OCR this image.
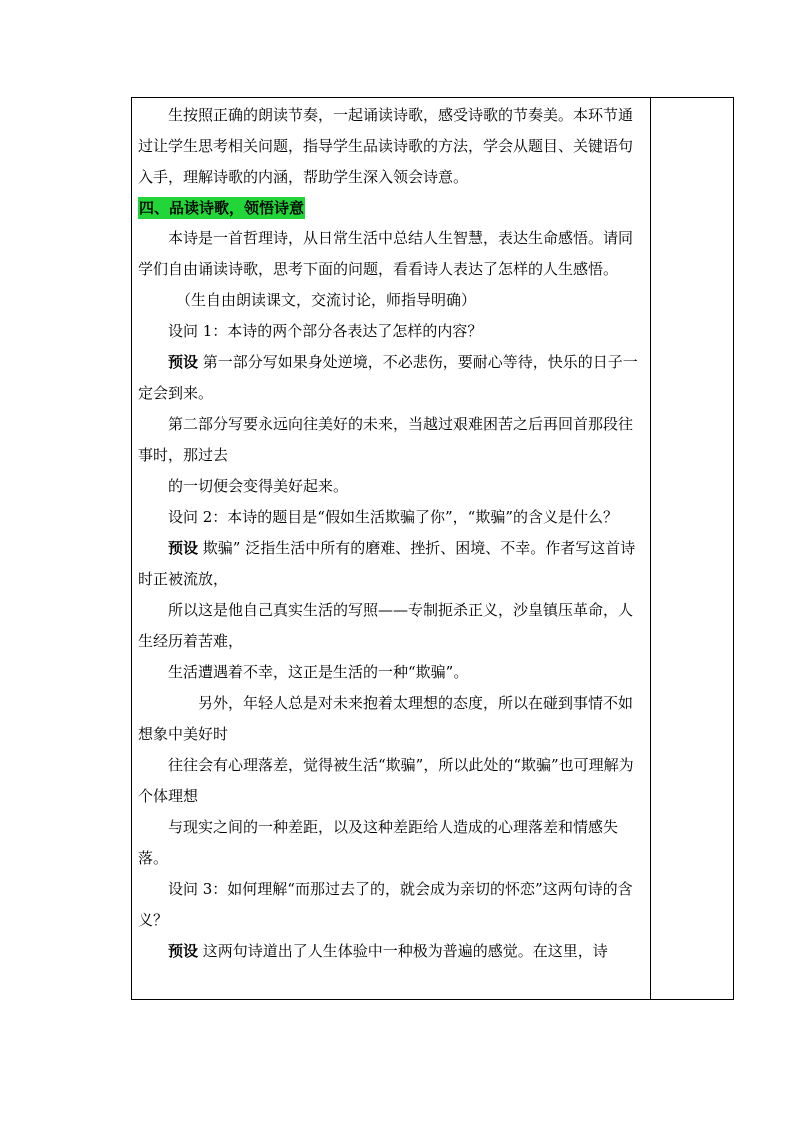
生按照正确的朗读节奏，一起诵读诗歌，感受诗歌的节奏美。本环节通过让学生思考相关问题，指导学生品读诗歌的方法，学会从题目、关键语句入手，理解诗歌的内涵，帮助学生深入领会诗意。

四、品读诗歌，领悟诗意

本诗是一首哲理诗，从日常生活中总结人生智慧，表达生命感悟。请同学们自由诵读诗歌，思考下面的问题，看看诗人表达了怎样的人生感悟。

（生自由朗读课文，交流讨论，师指导明确）

设问 1：本诗的两个部分各表达了怎样的内容？

预设 第一部分写如果身处逆境，不必悲伤，要耐心等待，快乐的日子一定会到来。

第二部分写要永远向往美好的未来，当越过艰难困苦之后再回首那段往事时，那过去

的一切便会变得美好起来。

设问 2：本诗的题目是“假如生活欺骗了你”，“欺骗”的含义是什么？

预设 欺骗” 泛指生活中所有的磨难、挫折、困境、不幸。作者写这首诗时正被流放，

所以这是他自己真实生活的写照——专制扼杀正义，沙皇镇压革命，人生经历着苦难，

生活遭遇着不幸，这正是生活的一种“欺骗”。

另外，年轻人总是对未来抱着太理想的态度，所以在碰到事情不如想象中美好时

往往会有心理落差，觉得被生活“欺骗”，所以此处的“欺骗”也可理解为个体理想

与现实之间的一种差距，以及这种差距给人造成的心理落差和情感失落。

设问 3：如何理解“而那过去了的，就会成为亲切的怀恋”这两句诗的含义？

预设 这两句诗道出了人生体验中一种极为普遍的感觉。在这里，诗
